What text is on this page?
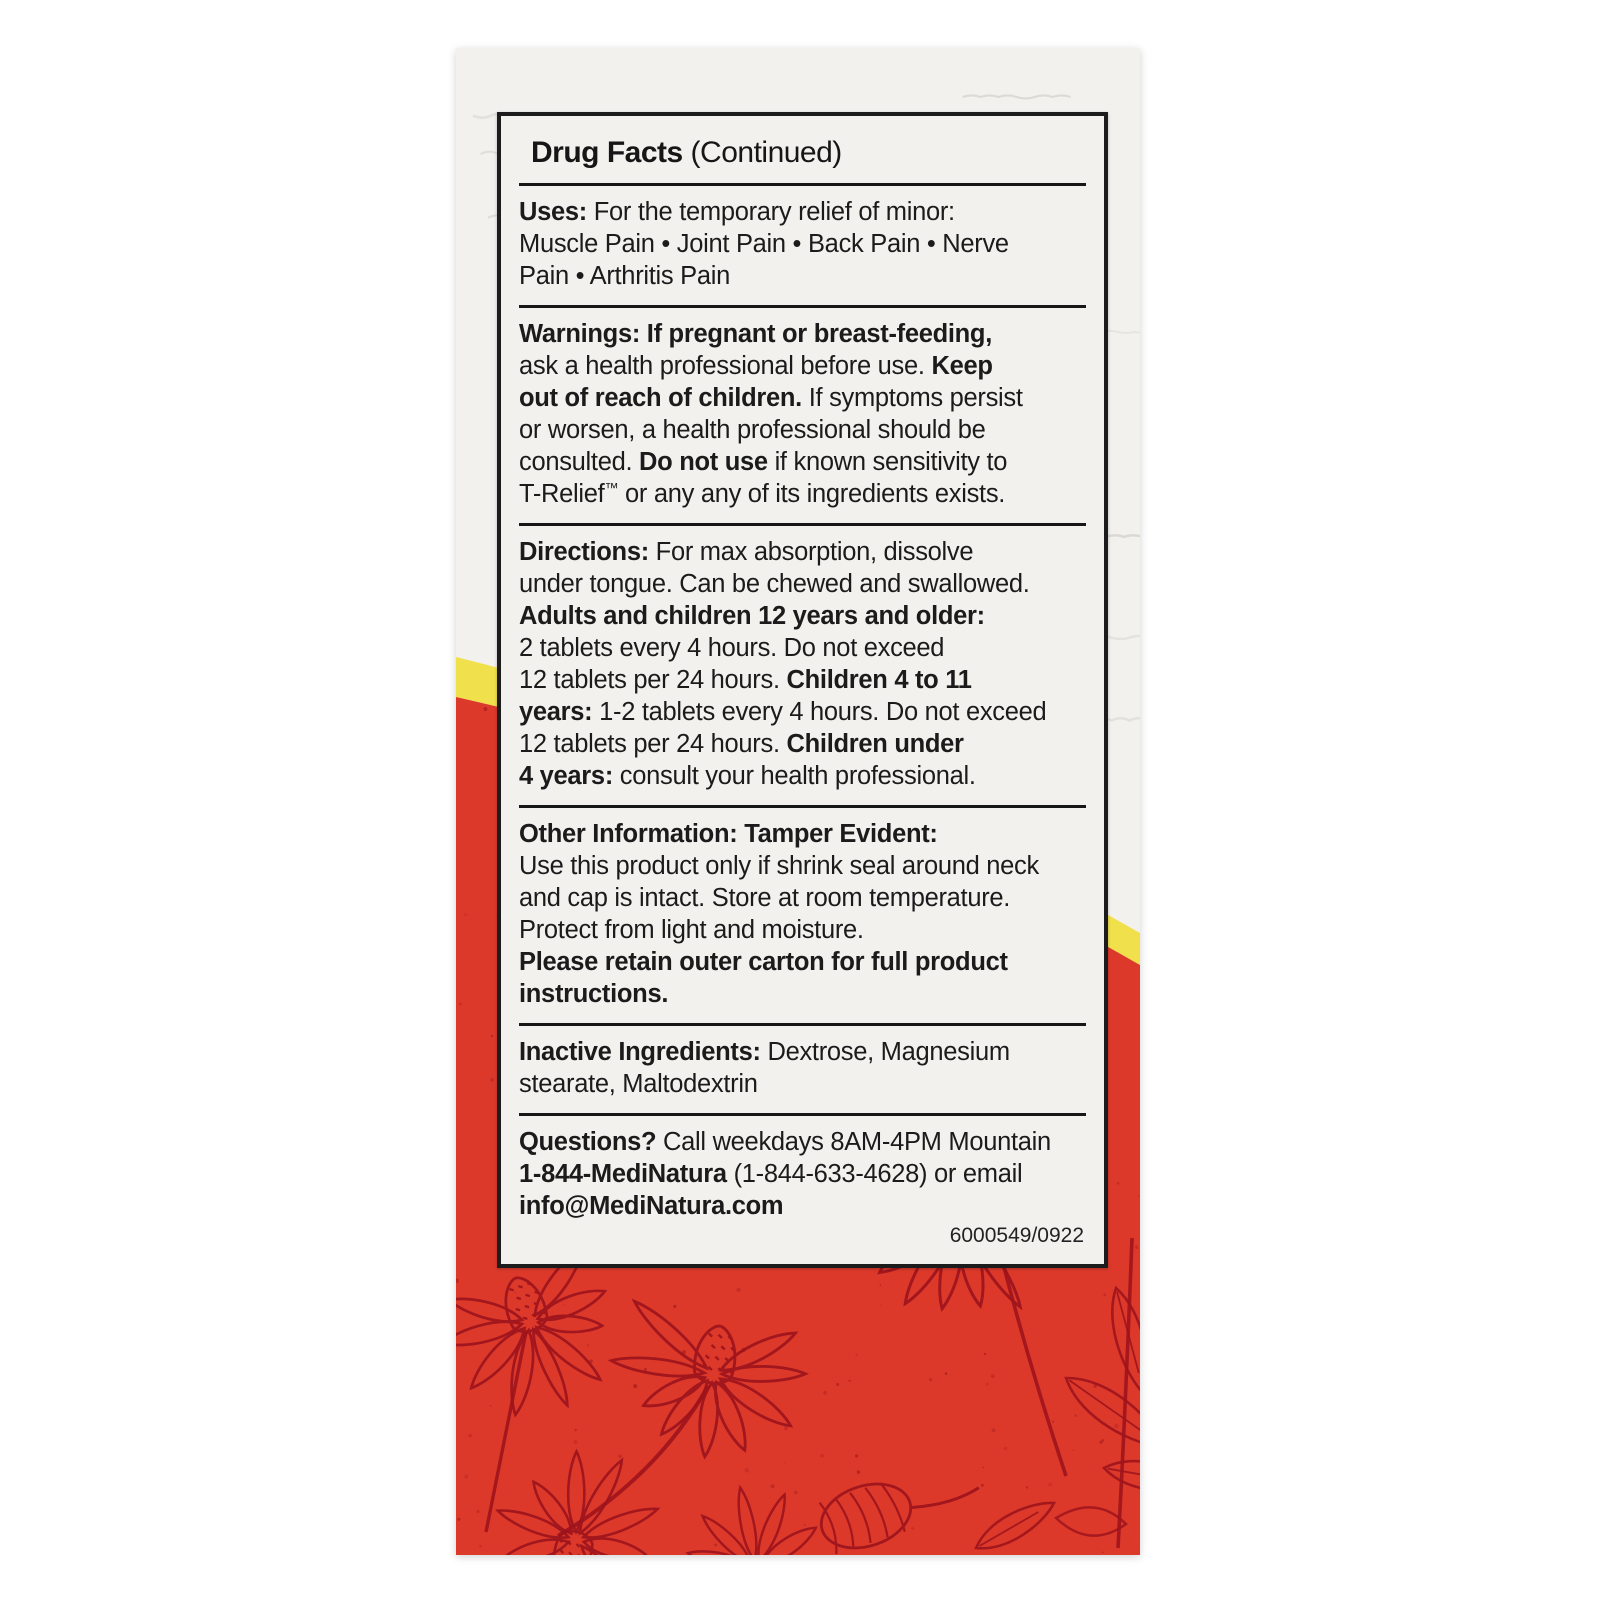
Drug Facts (Continued)
Uses: For the temporary relief of minor:
Muscle Pain • Joint Pain • Back Pain • Nerve
Pain • Arthritis Pain
Warnings: If pregnant or breast-feeding,
ask a health professional before use. Keep
out of reach of children. If symptoms persist
or worsen, a health professional should be
consulted. Do not use if known sensitivity to
T-Relief™ or any any of its ingredients exists.
Directions: For max absorption, dissolve
under tongue. Can be chewed and swallowed.
Adults and children 12 years and older:
2 tablets every 4 hours. Do not exceed
12 tablets per 24 hours. Children 4 to 11
years: 1-2 tablets every 4 hours. Do not exceed
12 tablets per 24 hours. Children under
4 years: consult your health professional.
Other Information: Tamper Evident:
Use this product only if shrink seal around neck
and cap is intact. Store at room temperature.
Protect from light and moisture.
Please retain outer carton for full product
instructions.
Inactive Ingredients: Dextrose, Magnesium
stearate, Maltodextrin
Questions? Call weekdays 8AM-4PM Mountain
1-844-MediNatura (1-844-633-4628) or email
info@MediNatura.com
6000549/0922
